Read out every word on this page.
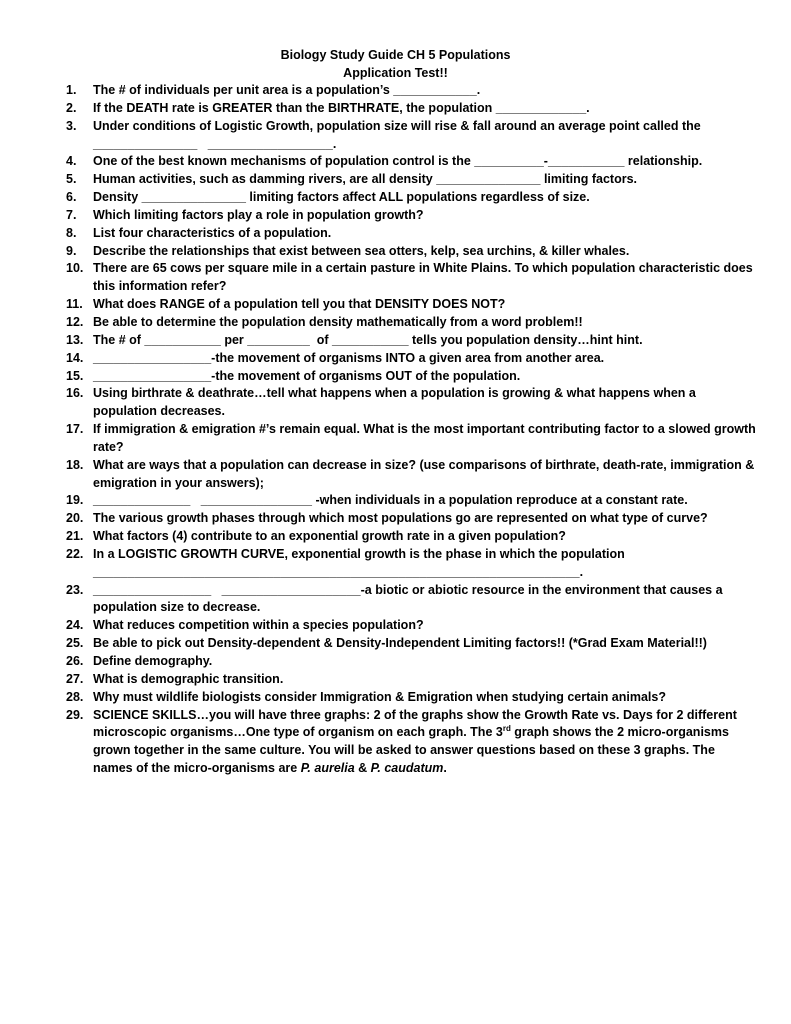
Biology Study Guide CH 5 Populations
Application Test!!
1.	The # of individuals per unit area is a population’s ____________.
2.	If the DEATH rate is GREATER than the BIRTHRATE, the population _____________.
3.	Under conditions of Logistic Growth, population size will rise & fall around an average point called the _______________   __________________.
4.	One of the best known mechanisms of population control is the __________-___________ relationship.
5.	Human activities, such as damming rivers, are all density _______________ limiting factors.
6.	Density _______________ limiting factors affect ALL populations regardless of size.
7.	Which limiting factors play a role in population growth?
8.	List four characteristics of a population.
9.	Describe the relationships that exist between sea otters, kelp, sea urchins, & killer whales.
10. There are 65 cows per square mile in a certain pasture in White Plains. To which population characteristic does this information refer?
11. What does RANGE of a population tell you that DENSITY DOES NOT?
12. Be able to determine the population density mathematically from a word problem!!
13. The # of ___________ per _________  of ___________ tells you population density…hint hint.
14. _________________-the movement of organisms INTO a given area from another area.
15. _________________-the movement of organisms OUT of the population.
16. Using birthrate & deathrate…tell what happens when a population is growing & what happens when a population decreases.
17. If immigration & emigration #’s remain equal. What is the most important contributing factor to a slowed growth rate?
18. What are ways that a population can decrease in size? (use comparisons of birthrate, death-rate, immigration & emigration in your answers);
19. ______________   ________________ -when individuals in a population reproduce at a constant rate.
20. The various growth phases through which most populations go are represented on what type of curve?
21. What factors (4) contribute to an exponential growth rate in a given population?
22. In a LOGISTIC GROWTH CURVE, exponential growth is the phase in which the population ______________________________________________________________________.
23. _________________   ____________________-a biotic or abiotic resource in the environment that causes a population size to decrease.
24. What reduces competition within a species population?
25. Be able to pick out Density-dependent & Density-Independent Limiting factors!! (*Grad Exam Material!!)
26. Define demography.
27. What is demographic transition.
28. Why must wildlife biologists consider Immigration & Emigration when studying certain animals?
29. SCIENCE SKILLS…you will have three graphs: 2 of the graphs show the Growth Rate vs. Days for 2 different microscopic organisms…One type of organism on each graph. The 3rd graph shows the 2 micro-organisms grown together in the same culture. You will be asked to answer questions based on these 3 graphs. The names of the micro-organisms are P. aurelia & P. caudatum.
